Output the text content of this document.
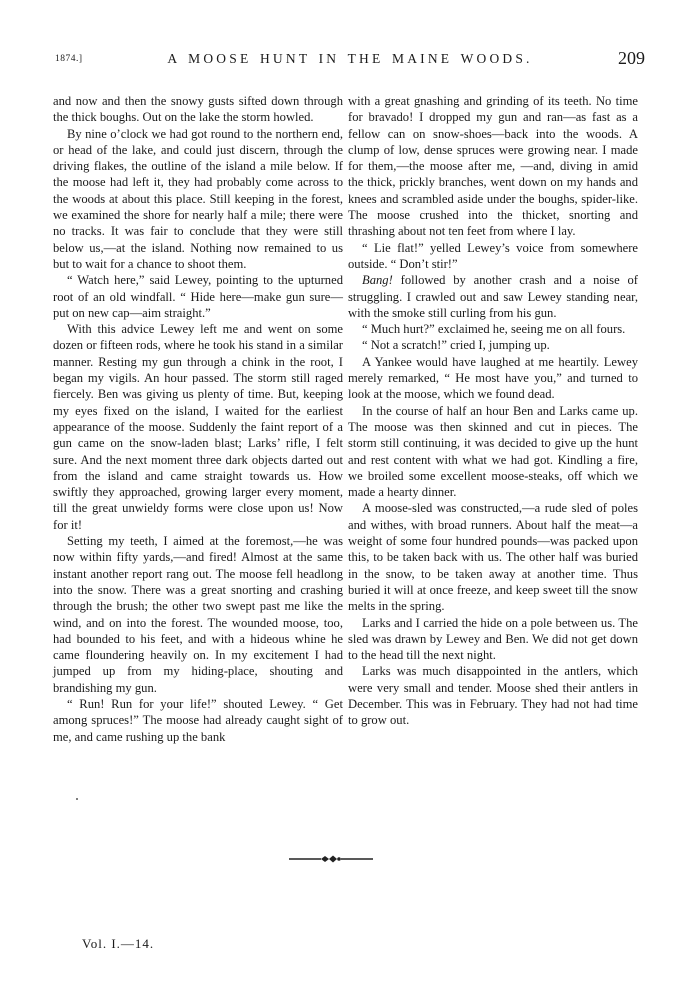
1874.]	A MOOSE HUNT IN THE MAINE WOODS.	209

and now and then the snowy gusts sifted down through the thick boughs. Out on the lake the storm howled.

By nine o’clock we had got round to the northern end, or head of the lake, and could just discern, through the driving flakes, the outline of the island a mile below. If the moose had left it, they had probably come across to the woods at about this place. Still keeping in the forest, we examined the shore for nearly half a mile; there were no tracks. It was fair to conclude that they were still below us,—at the island. Nothing now remained to us but to wait for a chance to shoot them.

“ Watch here,” said Lewey, pointing to the upturned root of an old windfall. “ Hide here—make gun sure—put on new cap—aim straight.”

With this advice Lewey left me and went on some dozen or fifteen rods, where he took his stand in a similar manner. Resting my gun through a chink in the root, I began my vigils. An hour passed. The storm still raged fiercely. Ben was giving us plenty of time. But, keeping my eyes fixed on the island, I waited for the earliest appearance of the moose. Suddenly the faint report of a gun came on the snow-laden blast; Larks’ rifle, I felt sure. And the next moment three dark objects darted out from the island and came straight towards us. How swiftly they approached, growing larger every moment, till the great unwieldy forms were close upon us! Now for it!

Setting my teeth, I aimed at the foremost,—he was now within fifty yards,—and fired! Almost at the same instant another report rang out. The moose fell headlong into the snow. There was a great snorting and crashing through the brush; the other two swept past me like the wind, and on into the forest. The wounded moose, too, had bounded to his feet, and with a hideous whine he came floundering heavily on. In my excitement I had jumped up from my hiding-place, shouting and brandishing my gun.

“ Run! Run for your life!” shouted Lewey. “ Get among spruces!” The moose had already caught sight of me, and came rushing up the bank

with a great gnashing and grinding of its teeth. No time for bravado! I dropped my gun and ran—as fast as a fellow can on snow-shoes—back into the woods. A clump of low, dense spruces were growing near. I made for them,—the moose after me, —and, diving in amid the thick, prickly branches, went down on my hands and knees and scrambled aside under the boughs, spider-like. The moose crushed into the thicket, snorting and thrashing about not ten feet from where I lay.

“ Lie flat!” yelled Lewey’s voice from somewhere outside. “ Don’t stir!”

Bang! followed by another crash and a noise of struggling. I crawled out and saw Lewey standing near, with the smoke still curling from his gun.

“ Much hurt?” exclaimed he, seeing me on all fours.

“ Not a scratch!” cried I, jumping up.

A Yankee would have laughed at me heartily. Lewey merely remarked, “ He most have you,” and turned to look at the moose, which we found dead.

In the course of half an hour Ben and Larks came up. The moose was then skinned and cut in pieces. The storm still continuing, it was decided to give up the hunt and rest content with what we had got. Kindling a fire, we broiled some excellent moose-steaks, off which we made a hearty dinner.

A moose-sled was constructed,—a rude sled of poles and withes, with broad runners. About half the meat—a weight of some four hundred pounds—was packed upon this, to be taken back with us. The other half was buried in the snow, to be taken away at another time. Thus buried it will at once freeze, and keep sweet till the snow melts in the spring.

Larks and I carried the hide on a pole between us. The sled was drawn by Lewey and Ben. We did not get down to the head till the next night.

Larks was much disappointed in the antlers, which were very small and tender. Moose shed their antlers in December. This was in February. They had not had time to grow out.

Vol. I.—14.
